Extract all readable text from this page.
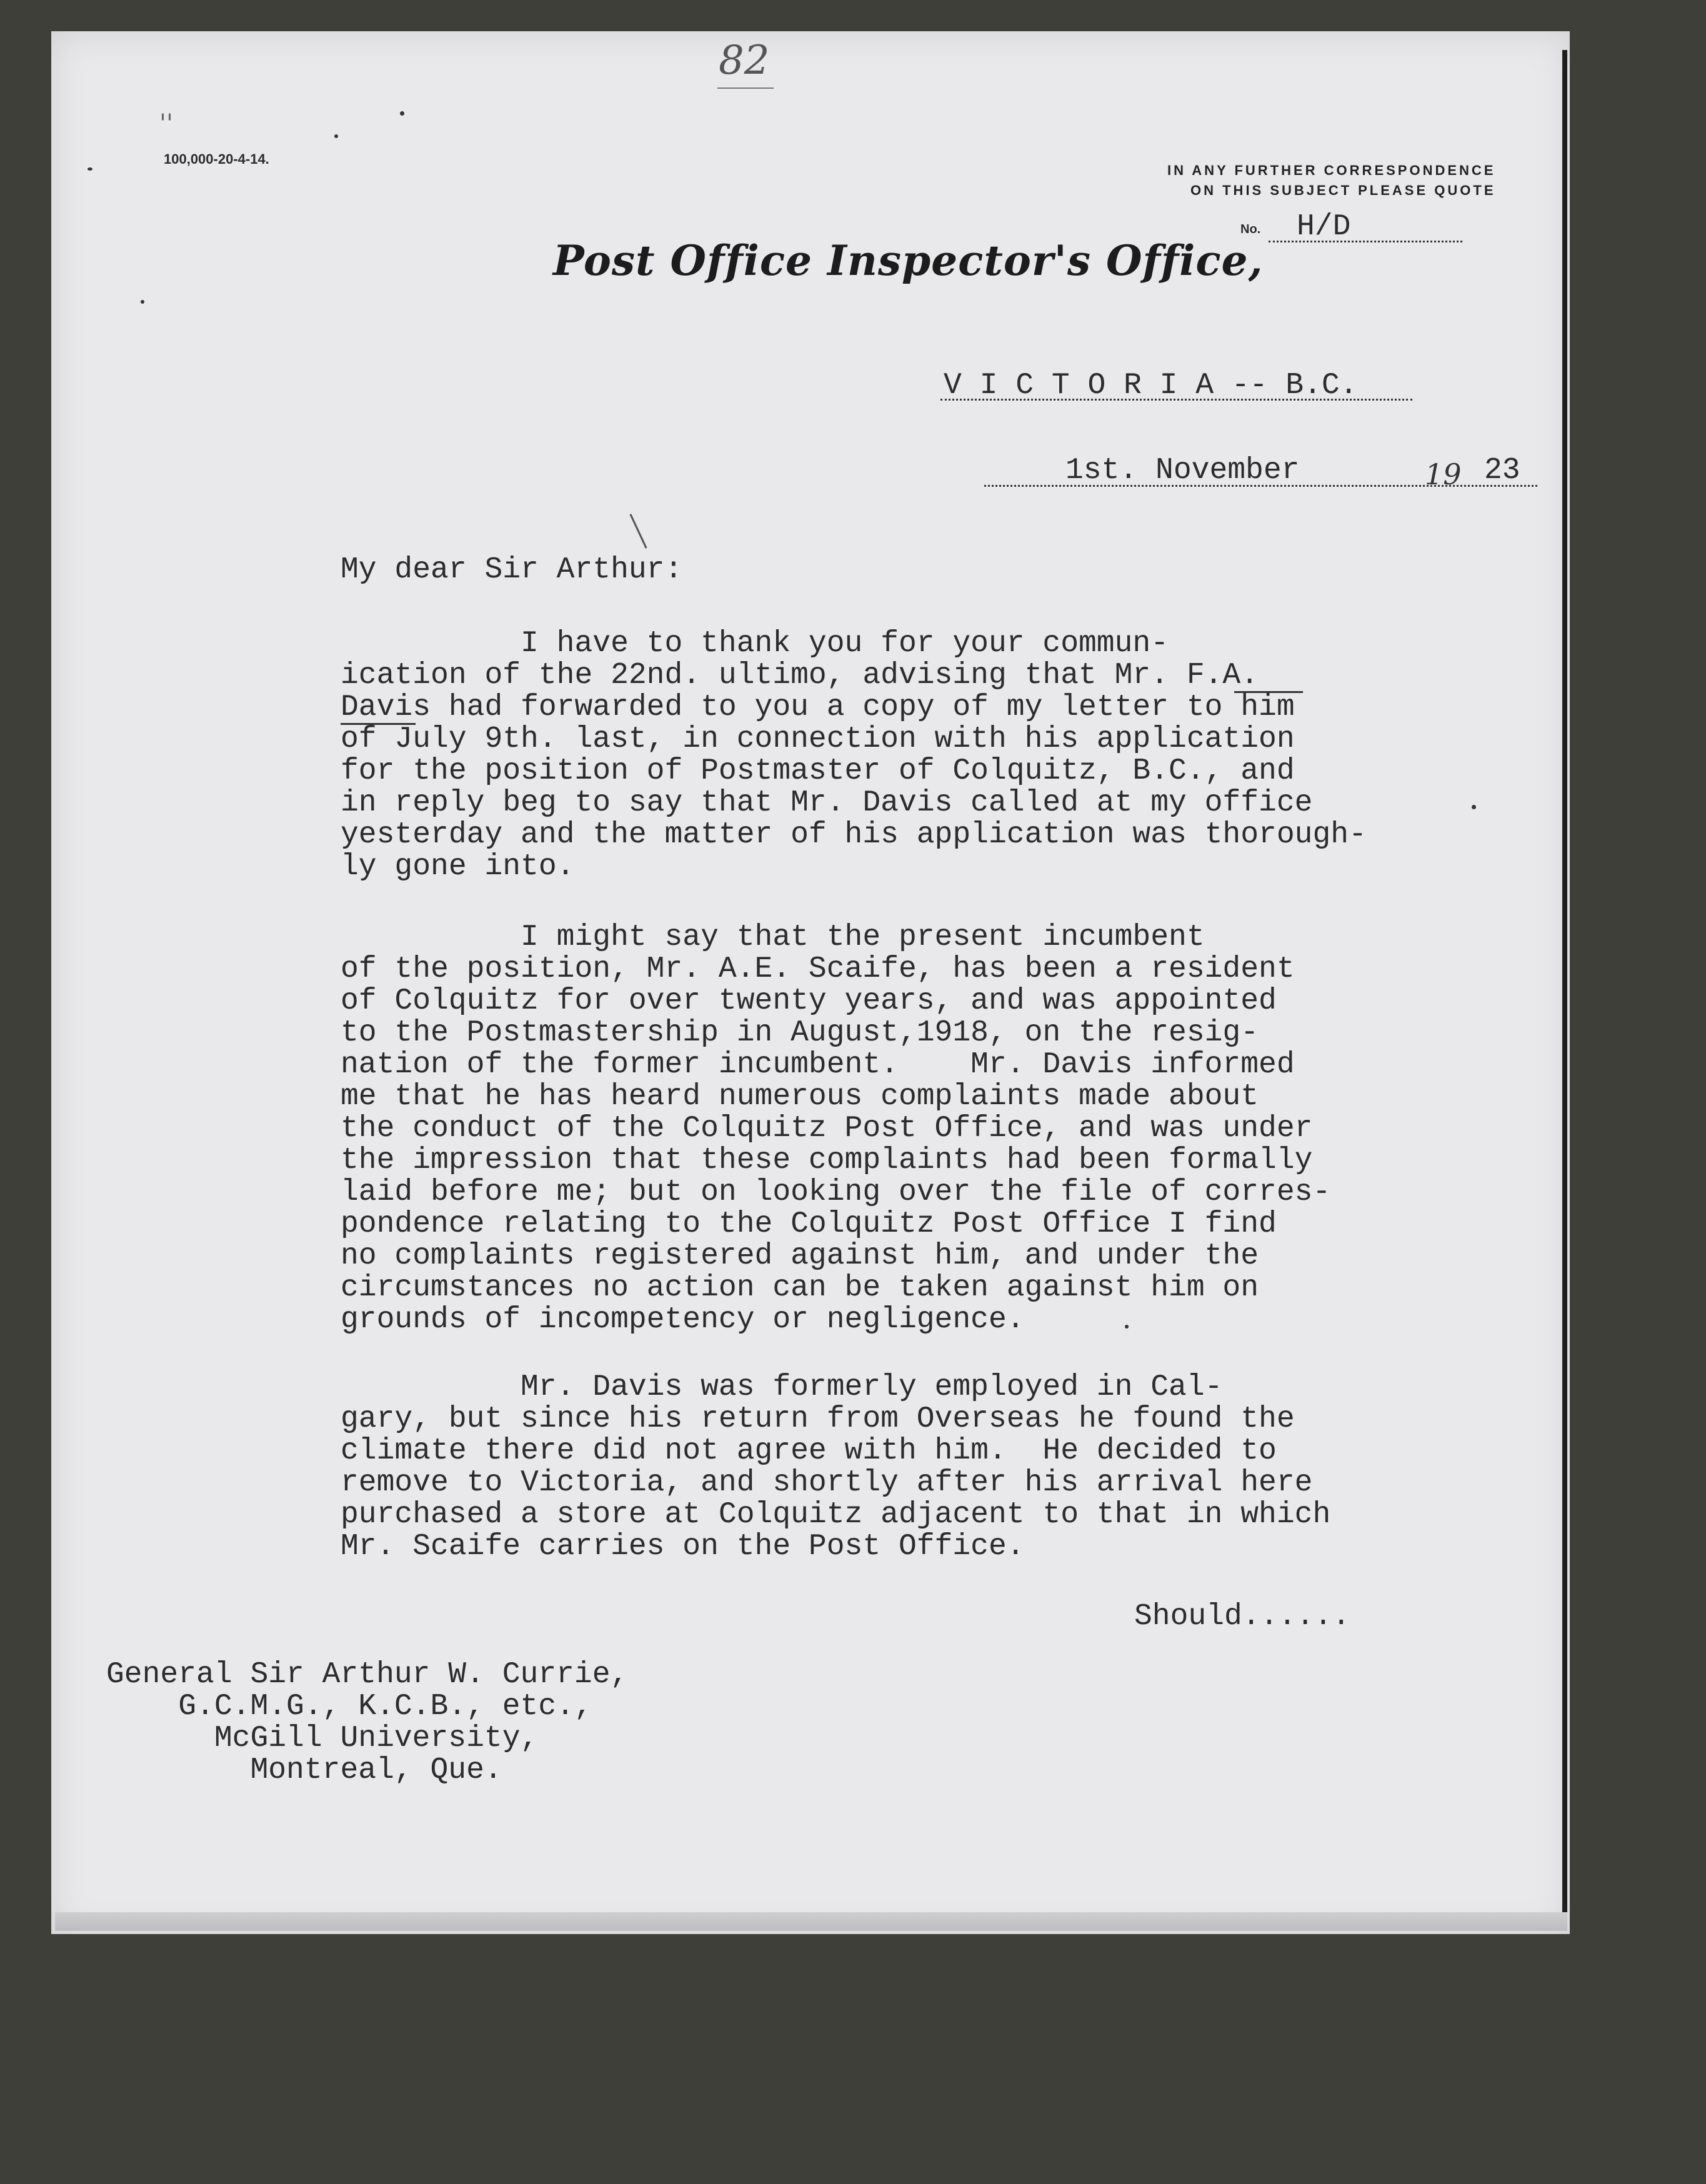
82
''
100,000-20-4-14.
IN ANY FURTHER CORRESPONDENCE
ON THIS SUBJECT PLEASE QUOTE
No. H/D
Post Office Inspector's Office,
V I C T O R I A -- B.C.
1st. November	19 23
My dear Sir Arthur:
I have to thank you for your commun-
ication of the 22nd. ultimo, advising that Mr. F.A.
Davis had forwarded to you a copy of my letter to him
of July 9th. last, in connection with his application
for the position of Postmaster of Colquitz, B.C., and
in reply beg to say that Mr. Davis called at my office
yesterday and the matter of his application was thorough-
ly gone into.
I might say that the present incumbent
of the position, Mr. A.E. Scaife, has been a resident
of Colquitz for over twenty years, and was appointed
to the Postmastership in August,1918, on the resig-
nation of the former incumbent.    Mr. Davis informed
me that he has heard numerous complaints made about
the conduct of the Colquitz Post Office, and was under
the impression that these complaints had been formally
laid before me; but on looking over the file of corres-
pondence relating to the Colquitz Post Office I find
no complaints registered against him, and under the
circumstances no action can be taken against him on
grounds of incompetency or negligence.
Mr. Davis was formerly employed in Cal-
gary, but since his return from Overseas he found the
climate there did not agree with him.  He decided to
remove to Victoria, and shortly after his arrival here
purchased a store at Colquitz adjacent to that in which
Mr. Scaife carries on the Post Office.
Should......
General Sir Arthur W. Currie,
G.C.M.G., K.C.B., etc.,
McGill University,
Montreal, Que.
